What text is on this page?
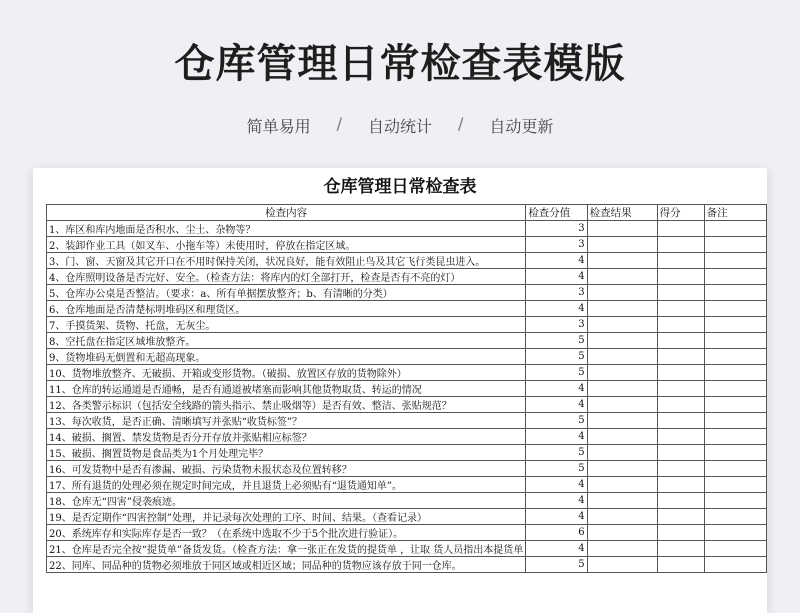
仓库管理日常检查表模版
简单易用 / 自动统计 / 自动更新
仓库管理日常检查表
检查内容	检查分值	检查结果	得分	备注
1、库区和库内地面是否积水、尘土、杂物等？	3			
2、装卸作业工具（如叉车、小拖车等）未使用时，停放在指定区域。	3			
3、门、窗、天窗及其它开口在不用时保持关闭，状况良好，能有效阻止鸟及其它飞行类昆虫进入。	4			
4、仓库照明设备是否完好、安全。（检查方法：将库内的灯全部打开，检查是否有不亮的灯）	4			
5、仓库办公桌是否整洁。（要求：a、所有单据摆放整齐；b、有清晰的分类）	3			
6、仓库地面是否清楚标明堆码区和理货区。	4			
7、手摸货架、货物、托盘，无灰尘。	3			
8、空托盘在指定区域堆放整齐。	5			
9、货物堆码无倒置和无超高现象。	5			
10、货物堆放整齐、无破损、开箱或变形货物。（破损、放置区存放的货物除外）	5			
11、仓库的转运通道是否通畅，是否有通道被堵塞而影响其他货物取货、转运的情况	4			
12、各类警示标识（包括安全线路的箭头指示、禁止吸烟等）是否有效、整洁、张贴规范？	4			
13、每次收货，是否正确、清晰填写并张贴“收货标签”？	5			
14、破损、搁置、禁发货物是否分开存放并张贴相应标签？	4			
15、破损、搁置货物是食品类为1个月处理完毕？	5			
16、可发货物中是否有渗漏、破损、污染货物未报状态及位置转移？	5			
17、所有退货的处理必须在规定时间完成，并且退货上必须贴有“退货通知单”。	4			
18、仓库无“四害”侵袭痕迹。	4			
19、是否定期作“四害控制”处理，并记录每次处理的工序、时间、结果。（查看记录）	4			
20、系统库存和实际库存是否一致？（在系统中选取不少于5个批次进行验证）。	6			
21、仓库是否完全按“提货单”备货发货。（检查方法：拿一张正在发货的提货单 ，让取 货人员指出本提货单	4			
22、同库、同品种的货物必须堆放于同区域或相近区域；同品种的货物应该存放于同一仓库。	5			
